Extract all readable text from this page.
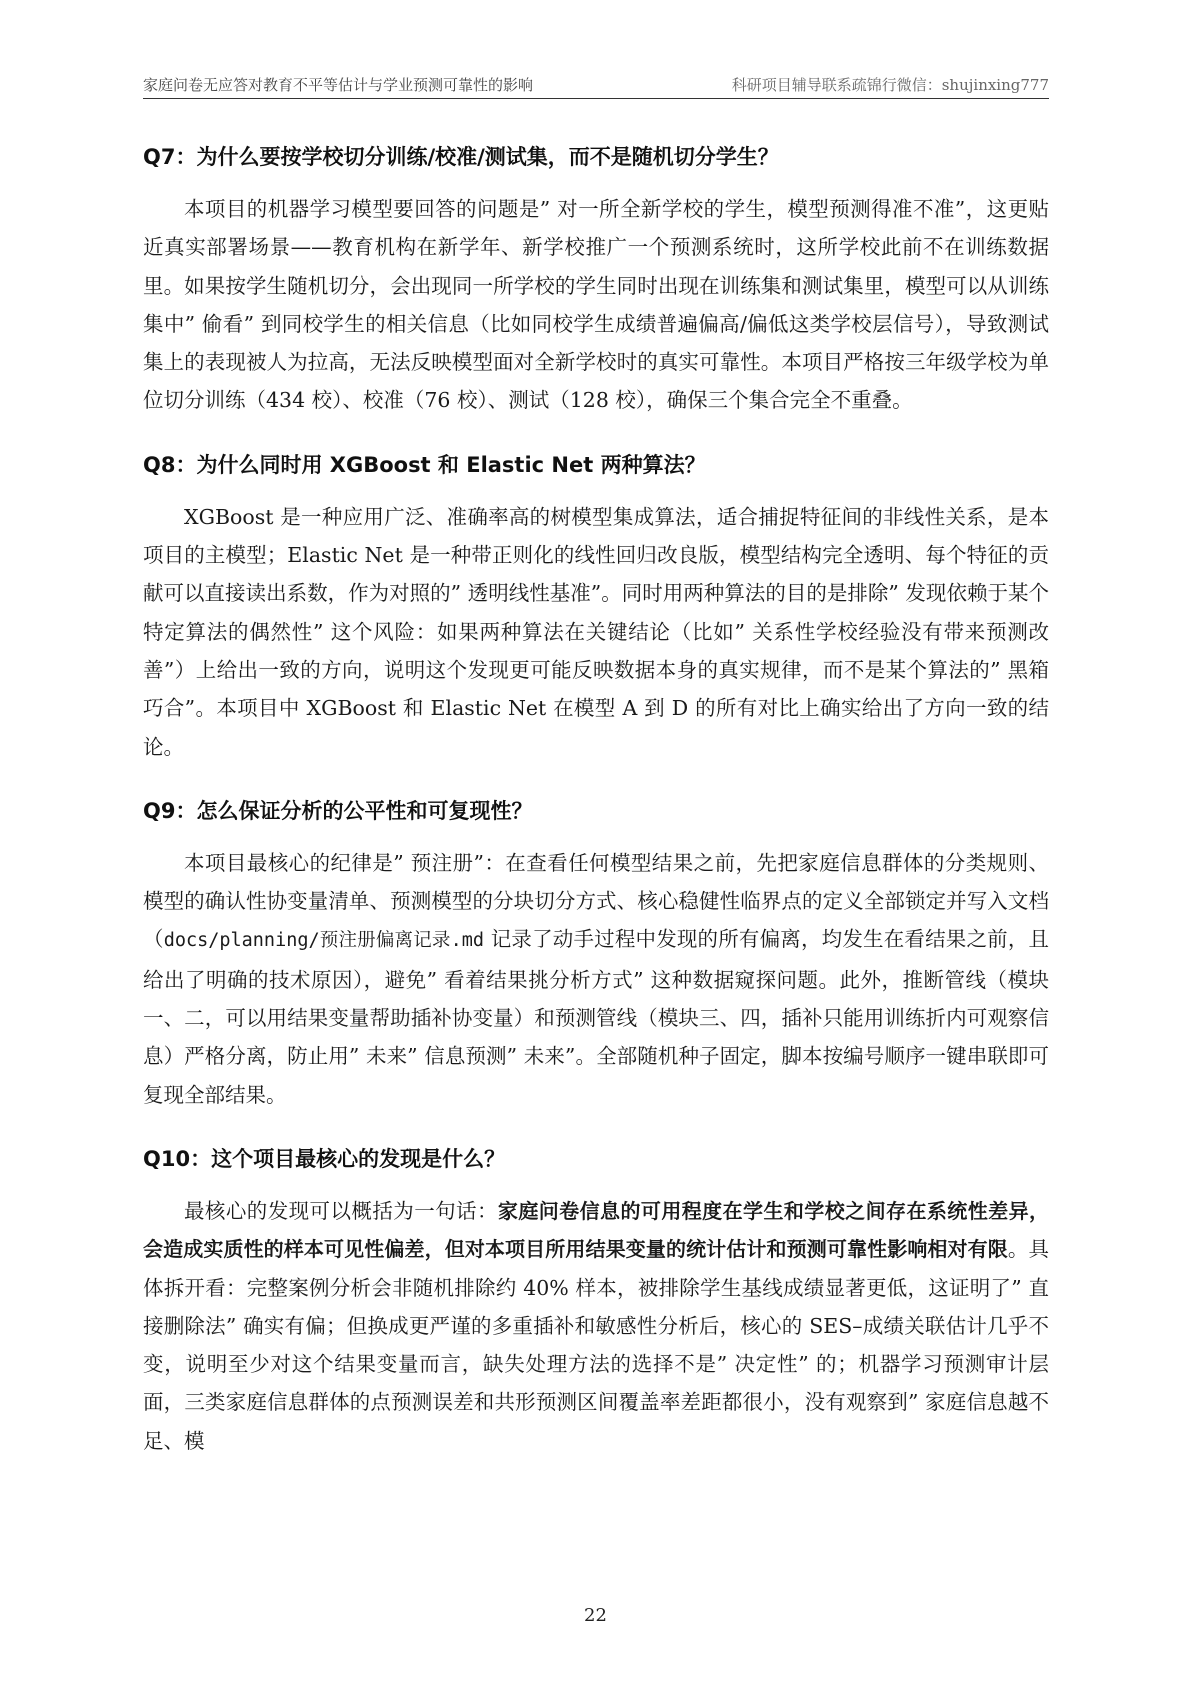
家庭问卷无应答对教育不平等估计与学业预测可靠性的影响	科研项目辅导联系疏锦行微信：shujinxing777
Q7：为什么要按学校切分训练/校准/测试集，而不是随机切分学生？

本项目的机器学习模型要回答的问题是” 对一所全新学校的学生，模型预测得准不准”，这更贴近真实部署场景——教育机构在新学年、新学校推广一个预测系统时，这所学校此前不在训练数据里。如果按学生随机切分，会出现同一所学校的学生同时出现在训练集和测试集里，模型可以从训练集中” 偷看” 到同校学生的相关信息（比如同校学生成绩普遍偏高/偏低这类学校层信号），导致测试集上的表现被人为拉高，无法反映模型面对全新学校时的真实可靠性。本项目严格按三年级学校为单位切分训练（434 校）、校准（76 校）、测试（128 校），确保三个集合完全不重叠。

Q8：为什么同时用 XGBoost 和 Elastic Net 两种算法？

XGBoost 是一种应用广泛、准确率高的树模型集成算法，适合捕捉特征间的非线性关系，是本项目的主模型；Elastic Net 是一种带正则化的线性回归改良版，模型结构完全透明、每个特征的贡献可以直接读出系数，作为对照的” 透明线性基准”。同时用两种算法的目的是排除” 发现依赖于某个特定算法的偶然性” 这个风险：如果两种算法在关键结论（比如” 关系性学校经验没有带来预测改善”）上给出一致的方向，说明这个发现更可能反映数据本身的真实规律，而不是某个算法的” 黑箱巧合”。本项目中 XGBoost 和 Elastic Net 在模型 A 到 D 的所有对比上确实给出了方向一致的结论。

Q9：怎么保证分析的公平性和可复现性？

本项目最核心的纪律是” 预注册”：在查看任何模型结果之前，先把家庭信息群体的分类规则、模型的确认性协变量清单、预测模型的分块切分方式、核心稳健性临界点的定义全部锁定并写入文档（docs/planning/预注册偏离记录.md 记录了动手过程中发现的所有偏离，均发生在看结果之前，且给出了明确的技术原因），避免” 看着结果挑分析方式” 这种数据窥探问题。此外，推断管线（模块一、二，可以用结果变量帮助插补协变量）和预测管线（模块三、四，插补只能用训练折内可观察信息）严格分离，防止用” 未来” 信息预测” 未来”。全部随机种子固定，脚本按编号顺序一键串联即可复现全部结果。

Q10：这个项目最核心的发现是什么？

最核心的发现可以概括为一句话：家庭问卷信息的可用程度在学生和学校之间存在系统性差异，会造成实质性的样本可见性偏差，但对本项目所用结果变量的统计估计和预测可靠性影响相对有限。具体拆开看：完整案例分析会非随机排除约 40% 样本，被排除学生基线成绩显著更低，这证明了” 直接删除法” 确实有偏；但换成更严谨的多重插补和敏感性分析后，核心的 SES–成绩关联估计几乎不变，说明至少对这个结果变量而言，缺失处理方法的选择不是” 决定性” 的；机器学习预测审计层面，三类家庭信息群体的点预测误差和共形预测区间覆盖率差距都很小，没有观察到” 家庭信息越不足、模

22
